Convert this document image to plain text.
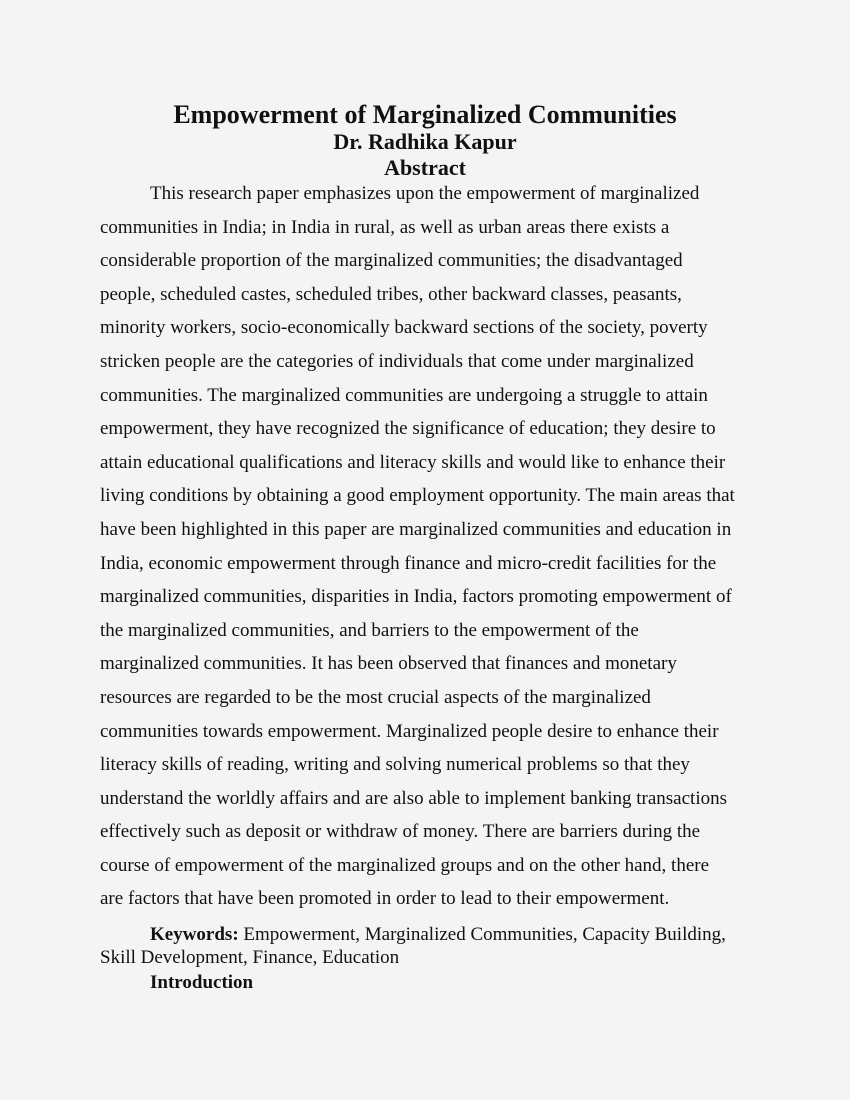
Empowerment of Marginalized Communities
Dr. Radhika Kapur
Abstract
This research paper emphasizes upon the empowerment of marginalized
communities in India; in India in rural, as well as urban areas there exists a
considerable proportion of the marginalized communities; the disadvantaged
people, scheduled castes, scheduled tribes, other backward classes, peasants,
minority workers, socio-economically backward sections of the society, poverty
stricken people are the categories of individuals that come under marginalized
communities. The marginalized communities are undergoing a struggle to attain
empowerment, they have recognized the significance of education; they desire to
attain educational qualifications and literacy skills and would like to enhance their
living conditions by obtaining a good employment opportunity. The main areas that
have been highlighted in this paper are marginalized communities and education in
India, economic empowerment through finance and micro-credit facilities for the
marginalized communities, disparities in India, factors promoting empowerment of
the marginalized communities, and barriers to the empowerment of the
marginalized communities. It has been observed that finances and monetary
resources are regarded to be the most crucial aspects of the marginalized
communities towards empowerment. Marginalized people desire to enhance their
literacy skills of reading, writing and solving numerical problems so that they
understand the worldly affairs and are also able to implement banking transactions
effectively such as deposit or withdraw of money. There are barriers during the
course of empowerment of the marginalized groups and on the other hand, there
are factors that have been promoted in order to lead to their empowerment.
Keywords: Empowerment, Marginalized Communities, Capacity Building,
Skill Development, Finance, Education
Introduction
